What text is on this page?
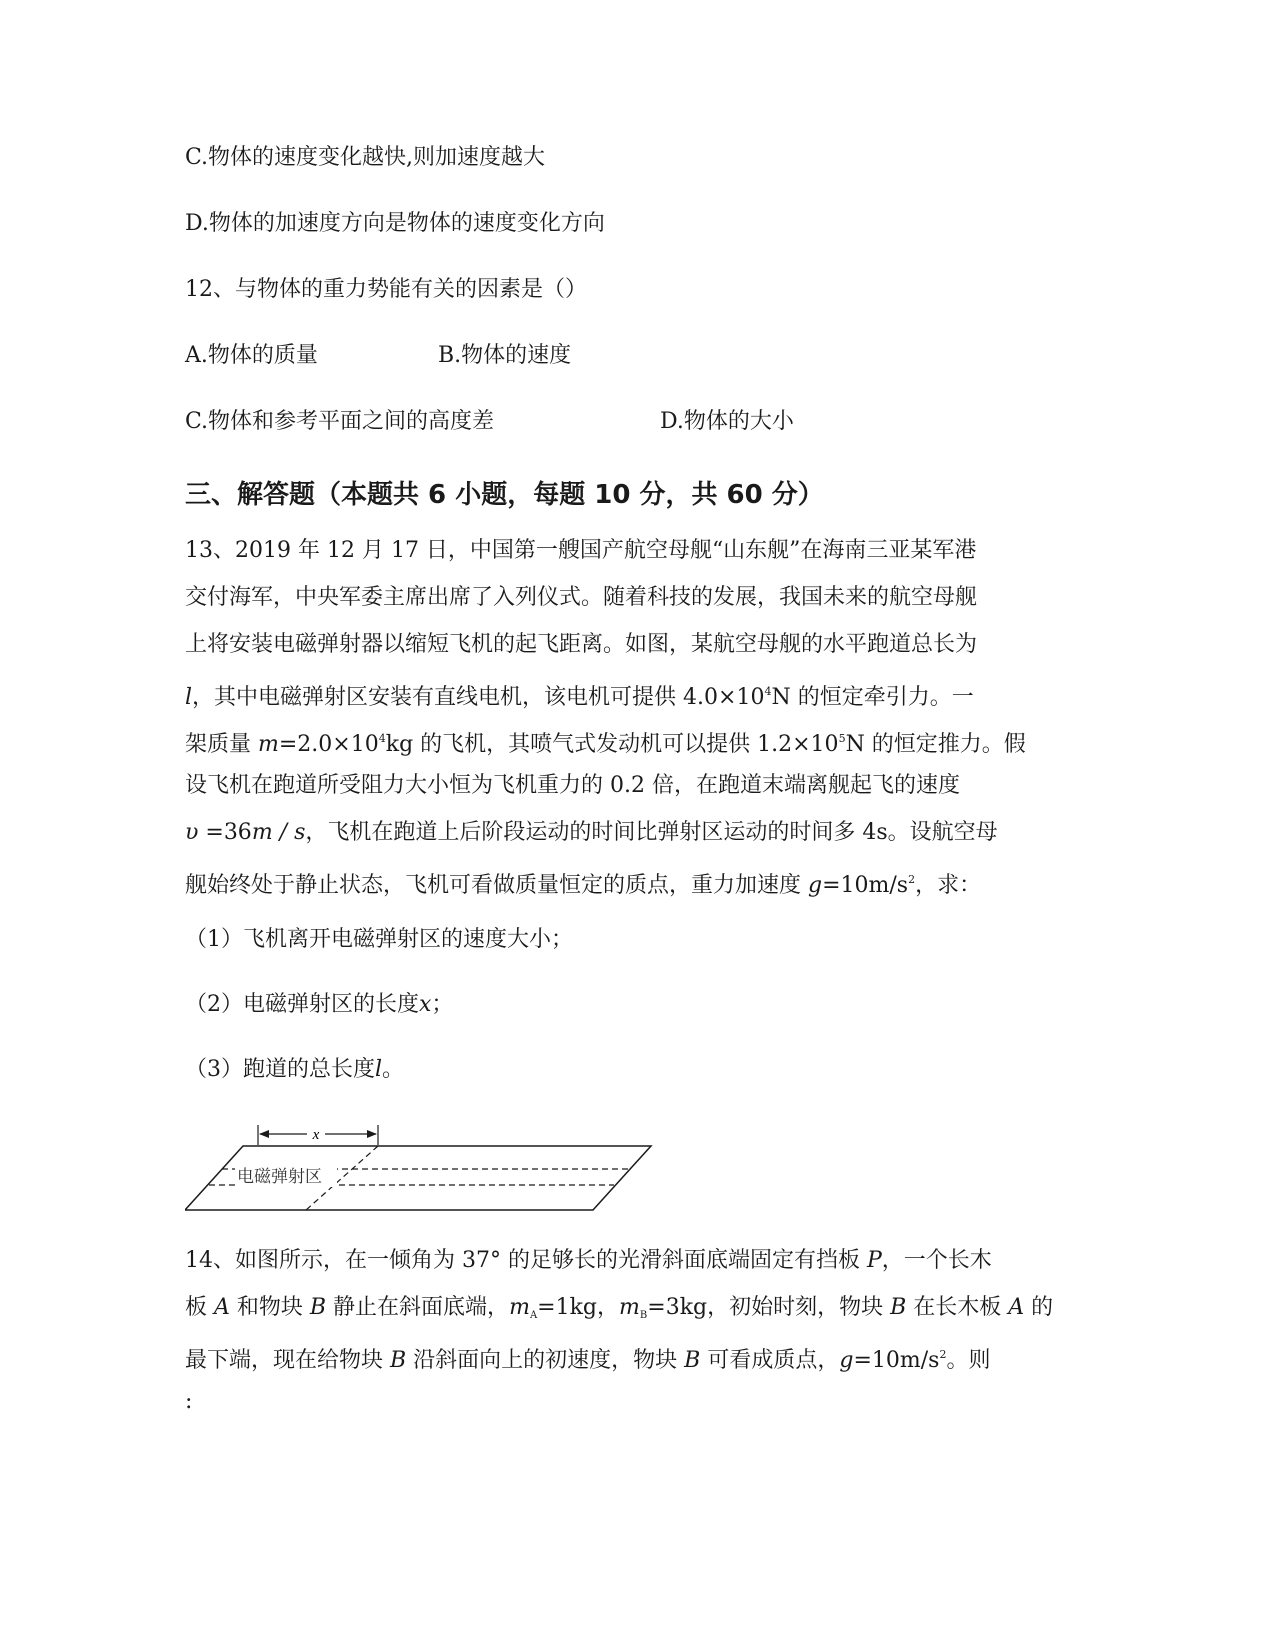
C.物体的速度变化越快,则加速度越大
D.物体的加速度方向是物体的速度变化方向
12、与物体的重力势能有关的因素是（）
A.物体的质量	B.物体的速度
C.物体和参考平面之间的高度差	D.物体的大小
三、解答题（本题共 6 小题，每题 10 分，共 60 分）
13、2019 年 12 月 17 日，中国第一艘国产航空母舰“山东舰”在海南三亚某军港
交付海军，中央军委主席出席了入列仪式。随着科技的发展，我国未来的航空母舰
上将安装电磁弹射器以缩短飞机的起飞距离。如图，某航空母舰的水平跑道总长为
l，其中电磁弹射区安装有直线电机，该电机可提供 $4.0\times 10^4N$ 的恒定牵引力。一
架质量 $m=2.0\times 10^4kg$ 的飞机，其喷气式发动机可以提供 $1.2\times 10^5N$ 的恒定推力。假
设飞机在跑道所受阻力大小恒为飞机重力的 0.2 倍，在跑道末端离舰起飞的速度
υ =36m / s，飞机在跑道上后阶段运动的时间比弹射区运动的时间多 4s。设航空母
舰始终处于静止状态，飞机可看做质量恒定的质点，重力加速度 $g=10m/s^2$，求：
（1）飞机离开电磁弹射区的速度大小；
（2）电磁弹射区的长度x；
（3）跑道的总长度l。
x
电磁弹射区
14、如图所示，在一倾角为 37° 的足够长的光滑斜面底端固定有挡板 P，一个长木
板 A 和物块 B 静止在斜面底端，$m_A=1kg$，$m_B=3kg$，初始时刻，物块 B 在长木板 A 的
最下端，现在给物块 B 沿斜面向上的初速度，物块 B 可看成质点，$g=10m/s^2$。则
:
